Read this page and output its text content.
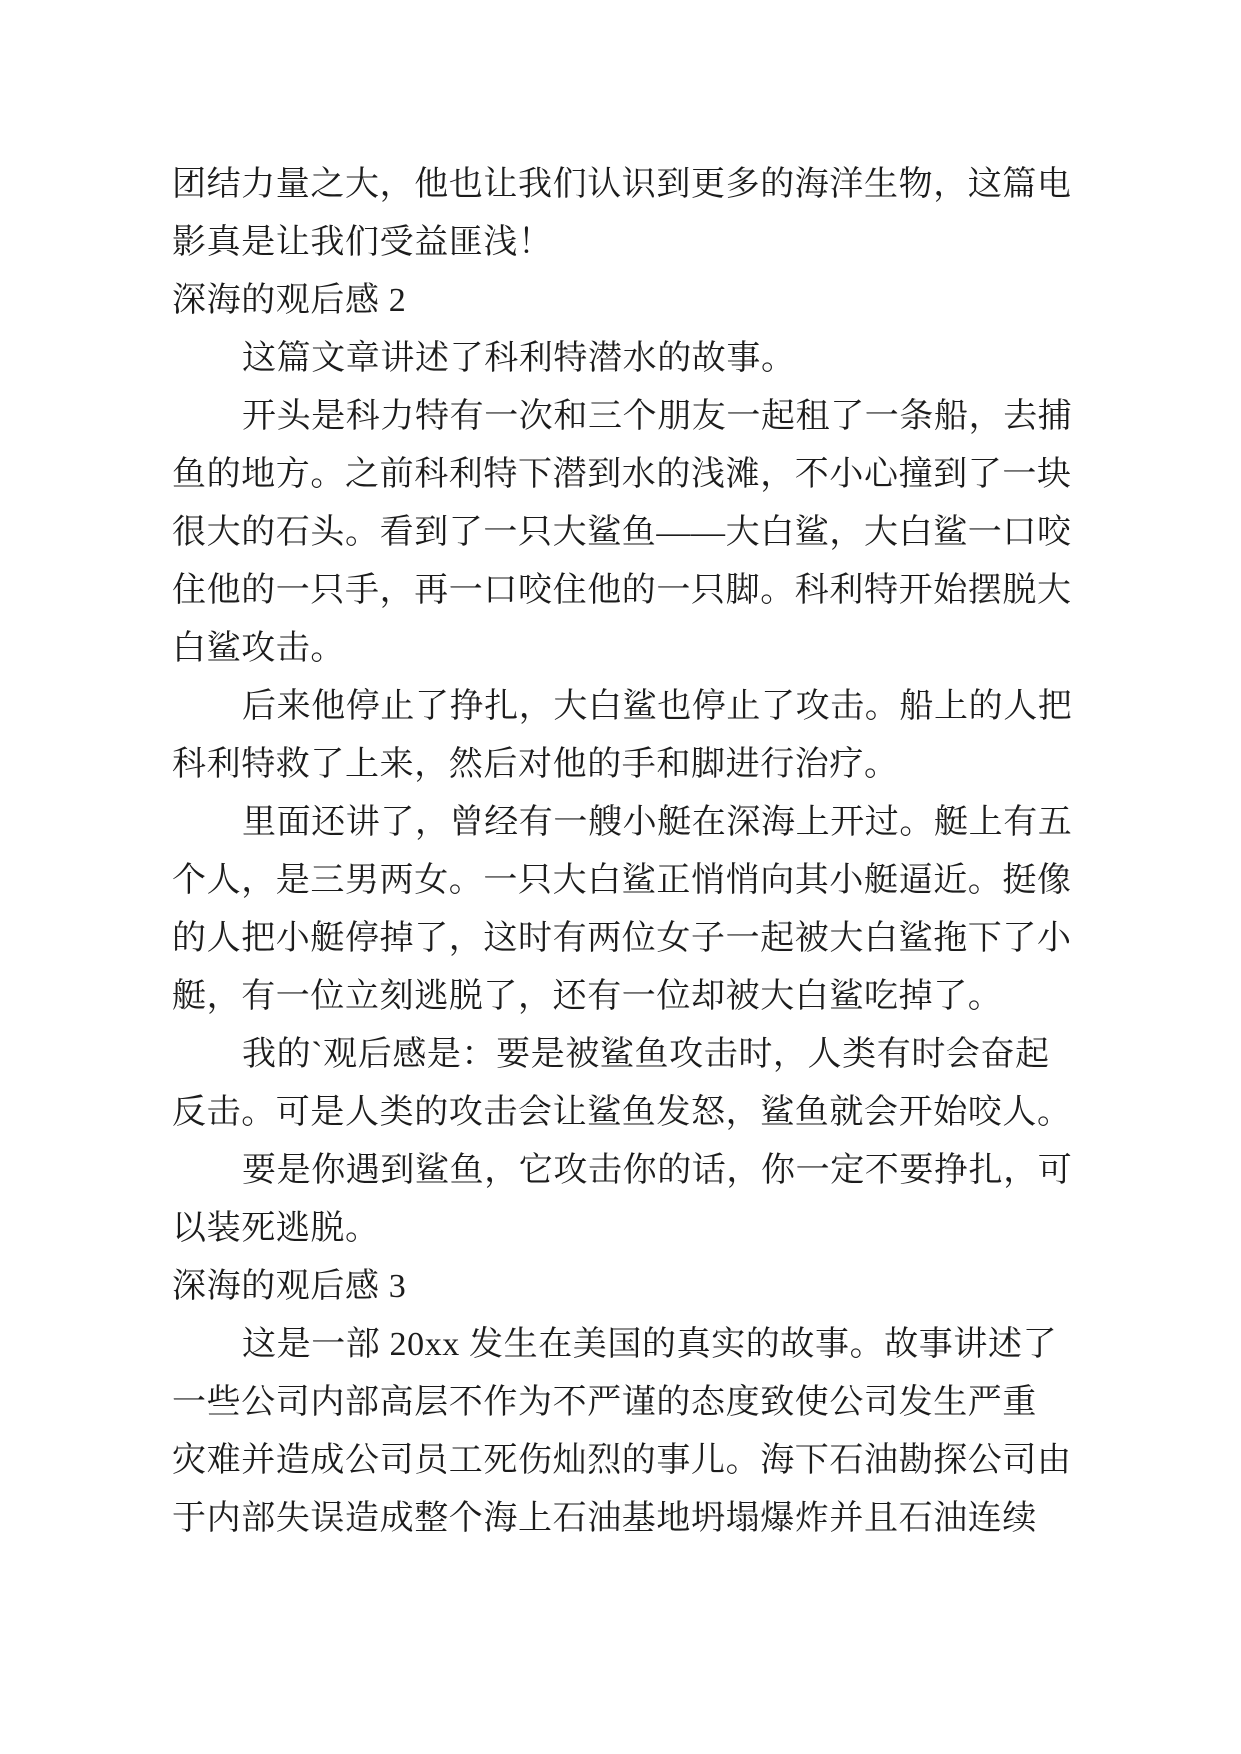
团结力量之大，他也让我们认识到更多的海洋生物，这篇电
影真是让我们受益匪浅！
深海的观后感 2
这篇文章讲述了科利特潜水的故事。
开头是科力特有一次和三个朋友一起租了一条船，去捕
鱼的地方。之前科利特下潜到水的浅滩，不小心撞到了一块
很大的石头。看到了一只大鲨鱼——大白鲨，大白鲨一口咬
住他的一只手，再一口咬住他的一只脚。科利特开始摆脱大
白鲨攻击。
后来他停止了挣扎，大白鲨也停止了攻击。船上的人把
科利特救了上来，然后对他的手和脚进行治疗。
里面还讲了，曾经有一艘小艇在深海上开过。艇上有五
个人，是三男两女。一只大白鲨正悄悄向其小艇逼近。挺像
的人把小艇停掉了，这时有两位女子一起被大白鲨拖下了小
艇，有一位立刻逃脱了，还有一位却被大白鲨吃掉了。
我的`观后感是：要是被鲨鱼攻击时，人类有时会奋起
反击。可是人类的攻击会让鲨鱼发怒，鲨鱼就会开始咬人。
要是你遇到鲨鱼，它攻击你的话，你一定不要挣扎，可
以装死逃脱。
深海的观后感 3
这是一部 20xx 发生在美国的真实的故事。故事讲述了
一些公司内部高层不作为不严谨的态度致使公司发生严重
灾难并造成公司员工死伤灿烈的事儿。海下石油勘探公司由
于内部失误造成整个海上石油基地坍塌爆炸并且石油连续
